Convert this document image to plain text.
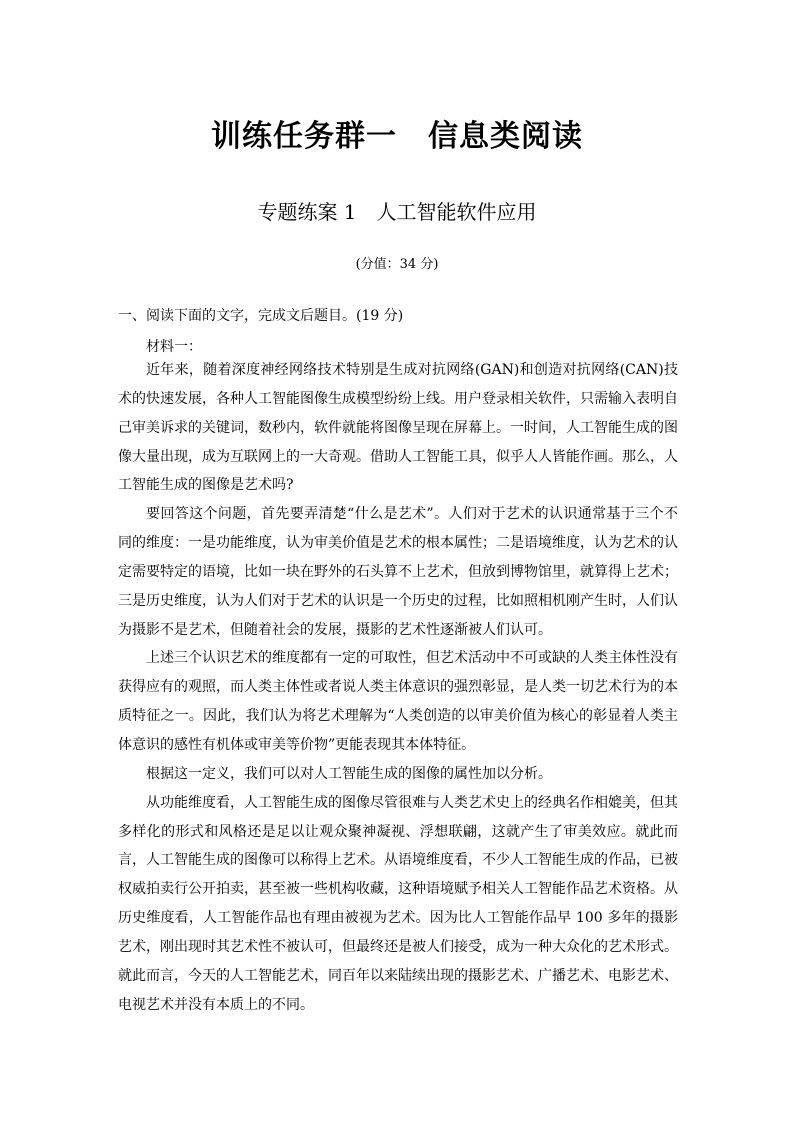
训练任务群一　信息类阅读
专题练案 1　人工智能软件应用
(分值：34 分)
一、阅读下面的文字，完成文后题目。(19 分)
材料一：

近年来，随着深度神经网络技术特别是生成对抗网络(GAN)和创造对抗网络(CAN)技术的快速发展，各种人工智能图像生成模型纷纷上线。用户登录相关软件，只需输入表明自己审美诉求的关键词，数秒内，软件就能将图像呈现在屏幕上。一时间，人工智能生成的图像大量出现，成为互联网上的一大奇观。借助人工智能工具，似乎人人皆能作画。那么，人工智能生成的图像是艺术吗?

要回答这个问题，首先要弄清楚“什么是艺术”。人们对于艺术的认识通常基于三个不同的维度：一是功能维度，认为审美价值是艺术的根本属性；二是语境维度，认为艺术的认定需要特定的语境，比如一块在野外的石头算不上艺术，但放到博物馆里，就算得上艺术；三是历史维度，认为人们对于艺术的认识是一个历史的过程，比如照相机刚产生时，人们认为摄影不是艺术，但随着社会的发展，摄影的艺术性逐渐被人们认可。

上述三个认识艺术的维度都有一定的可取性，但艺术活动中不可或缺的人类主体性没有获得应有的观照，而人类主体性或者说人类主体意识的强烈彰显，是人类一切艺术行为的本质特征之一。因此，我们认为将艺术理解为“人类创造的以审美价值为核心的彰显着人类主体意识的感性有机体或审美等价物”更能表现其本体特征。

根据这一定义，我们可以对人工智能生成的图像的属性加以分析。

从功能维度看，人工智能生成的图像尽管很难与人类艺术史上的经典名作相媲美，但其多样化的形式和风格还是足以让观众聚神凝视、浮想联翩，这就产生了审美效应。就此而言，人工智能生成的图像可以称得上艺术。从语境维度看，不少人工智能生成的作品，已被权威拍卖行公开拍卖，甚至被一些机构收藏，这种语境赋予相关人工智能作品艺术资格。从历史维度看，人工智能作品也有理由被视为艺术。因为比人工智能作品早 100 多年的摄影艺术，刚出现时其艺术性不被认可，但最终还是被人们接受，成为一种大众化的艺术形式。就此而言，今天的人工智能艺术，同百年以来陆续出现的摄影艺术、广播艺术、电影艺术、电视艺术并没有本质上的不同。
